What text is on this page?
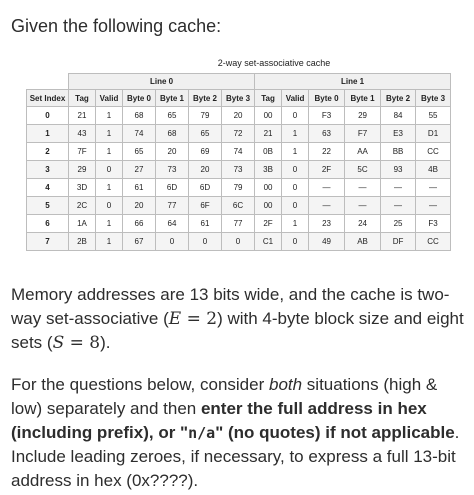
Given the following cache:

2-way set-associative cache
	Line 0						Line 1					
Set Index	Tag	Valid	Byte 0	Byte 1	Byte 2	Byte 3	Tag	Valid	Byte 0	Byte 1	Byte 2	Byte 3
0	21	1	68	65	79	20	00	0	F3	29	84	55
1	43	1	74	68	65	72	21	1	63	F7	E3	D1
2	7F	1	65	20	69	74	0B	1	22	AA	BB	CC
3	29	0	27	73	20	73	3B	0	2F	5C	93	4B
4	3D	1	61	6D	6D	79	00	0	—	—	—	—
5	2C	0	20	77	6F	6C	00	0	—	—	—	—
6	1A	1	66	64	61	77	2F	1	23	24	25	F3
7	2B	1	67	0	0	0	C1	0	49	AB	DF	CC

Memory addresses are 13 bits wide, and the cache is two-way set-associative (E = 2) with 4-byte block size and eight sets (S = 8).

For the questions below, consider both situations (high & low) separately and then enter the full address in hex (including prefix), or "n/a" (no quotes) if not applicable. Include leading zeroes, if necessary, to express a full 13-bit address in hex (0x????).
